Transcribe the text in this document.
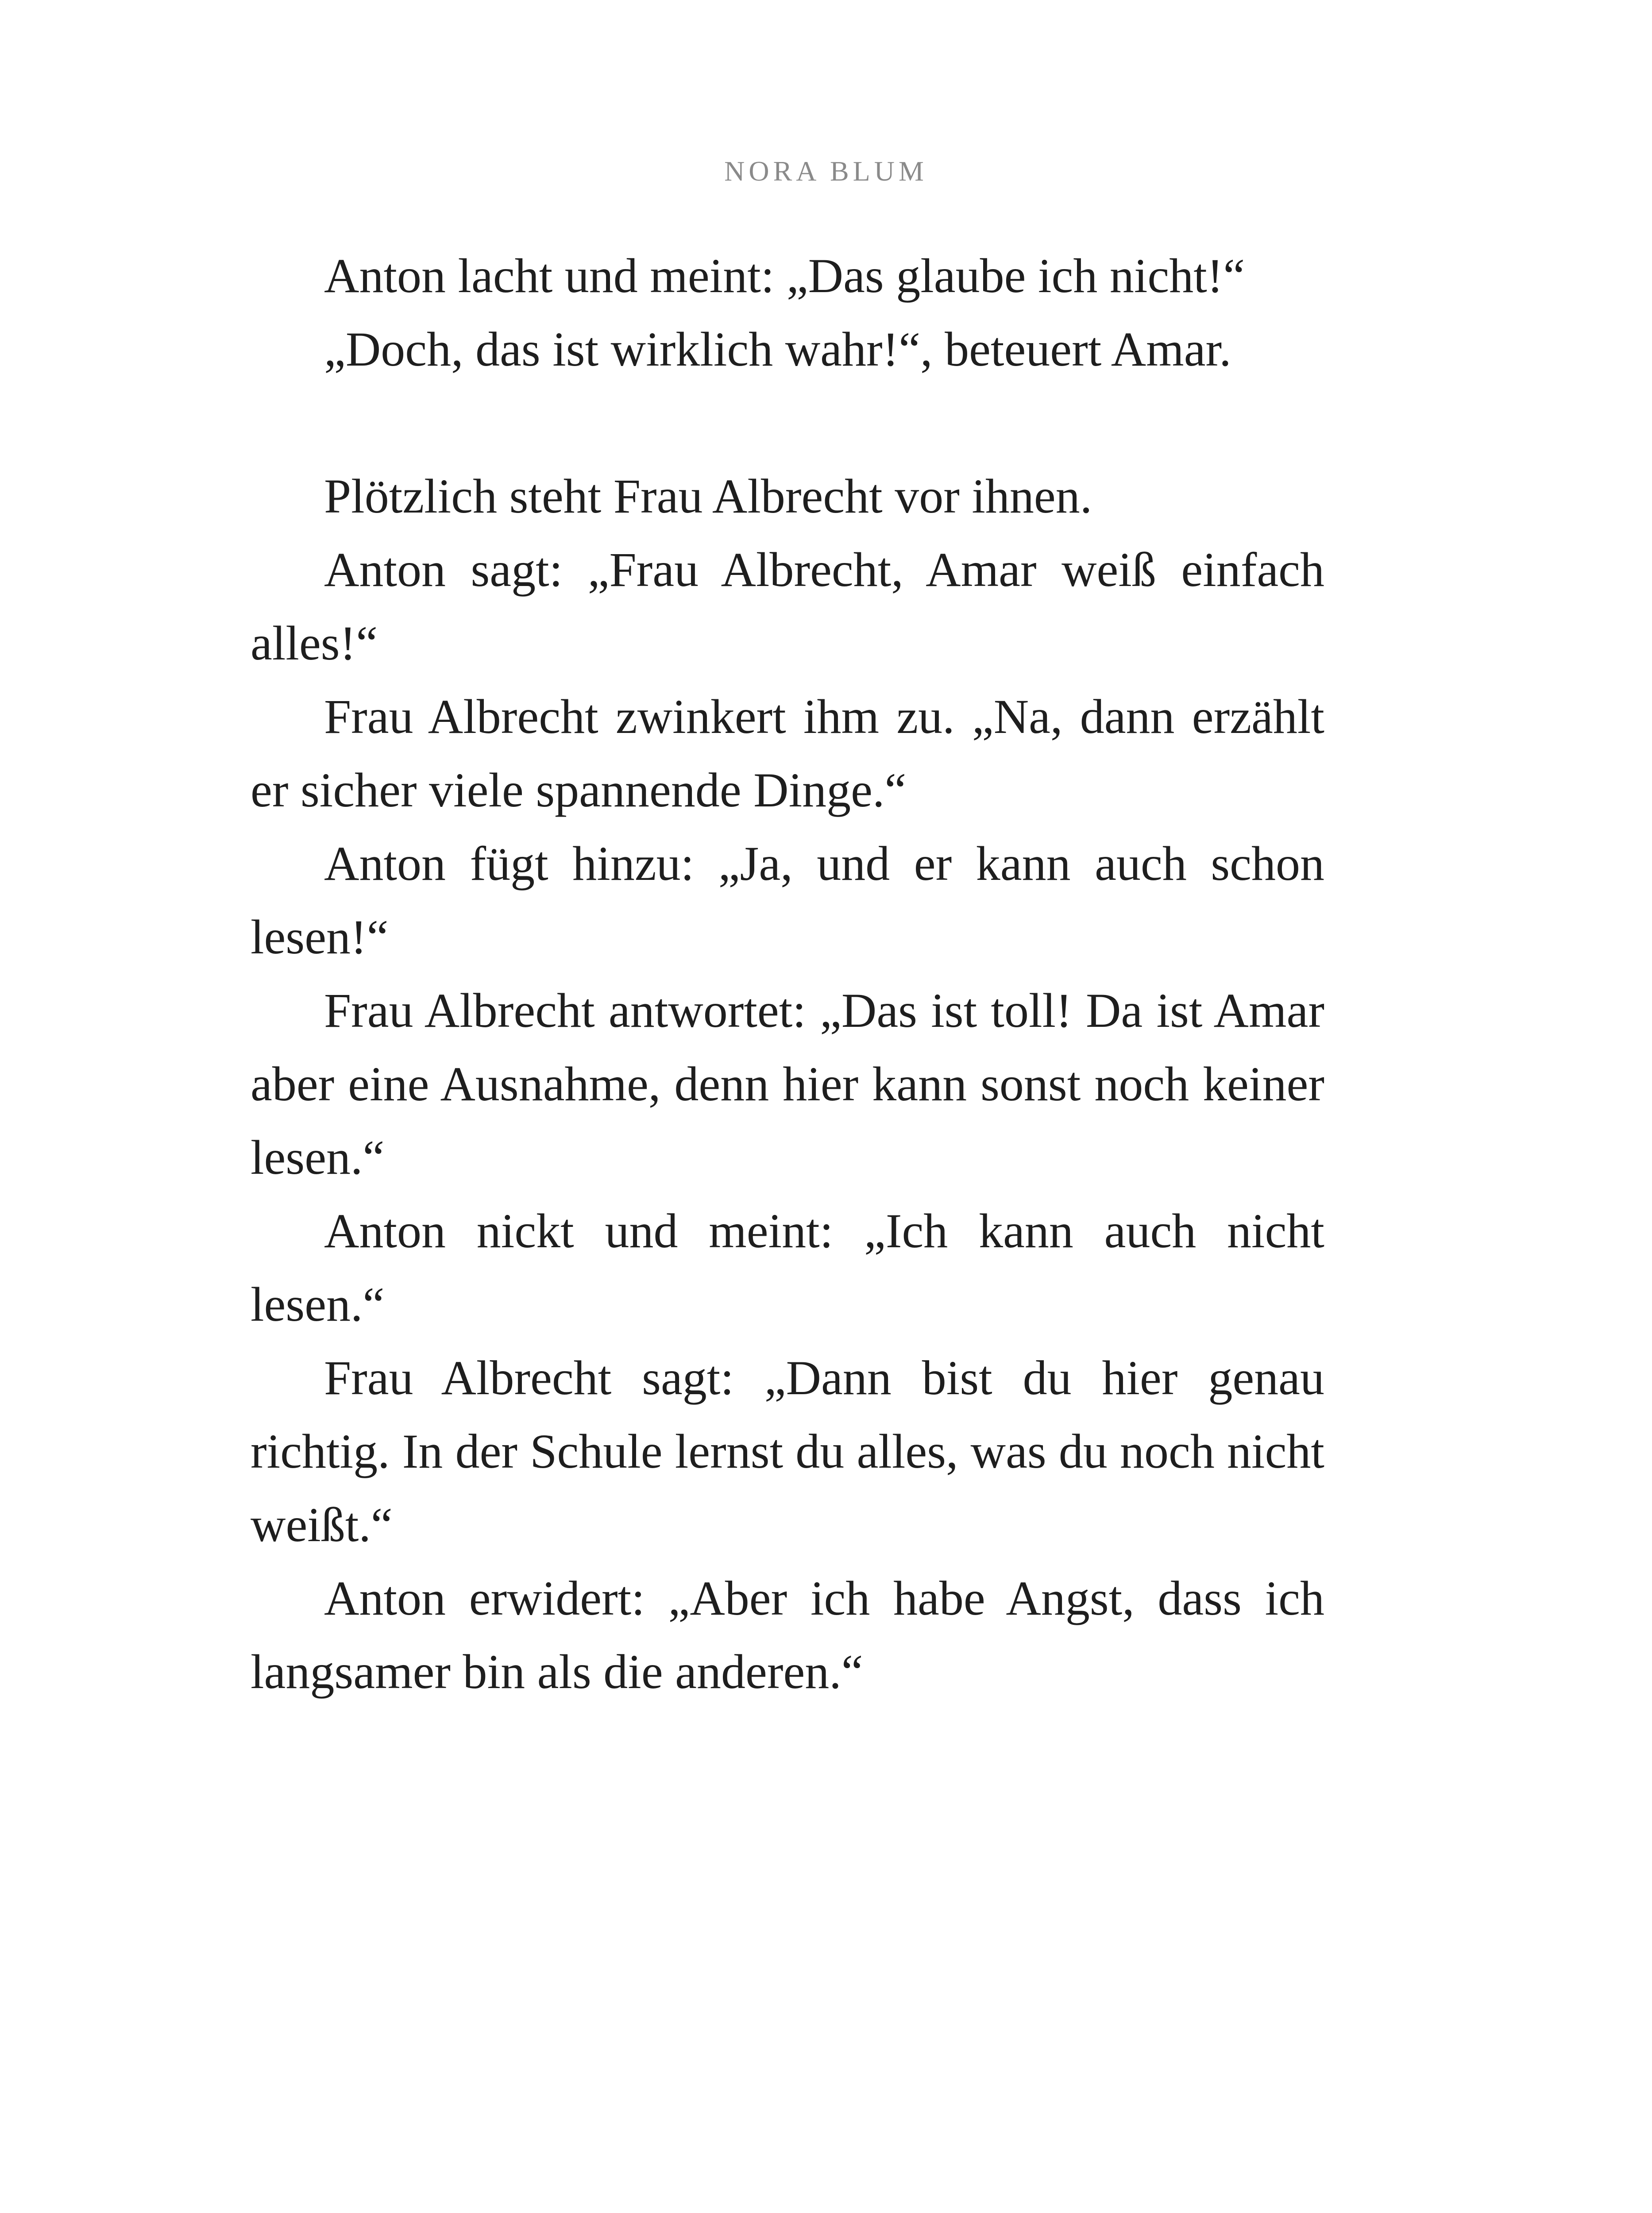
NORA BLUM

Anton lacht und meint: „Das glaube ich nicht!“

„Doch, das ist wirklich wahr!“, beteuert Amar.

Plötzlich steht Frau Albrecht vor ihnen.

Anton sagt: „Frau Albrecht, Amar weiß einfach alles!“

Frau Albrecht zwinkert ihm zu. „Na, dann erzählt er sicher viele spannende Dinge.“

Anton fügt hinzu: „Ja, und er kann auch schon lesen!“

Frau Albrecht antwortet: „Das ist toll! Da ist Amar aber eine Ausnahme, denn hier kann sonst noch keiner lesen.“

Anton nickt und meint: „Ich kann auch nicht lesen.“

Frau Albrecht sagt: „Dann bist du hier genau richtig. In der Schule lernst du alles, was du noch nicht weißt.“

Anton erwidert: „Aber ich habe Angst, dass ich langsamer bin als die anderen.“
